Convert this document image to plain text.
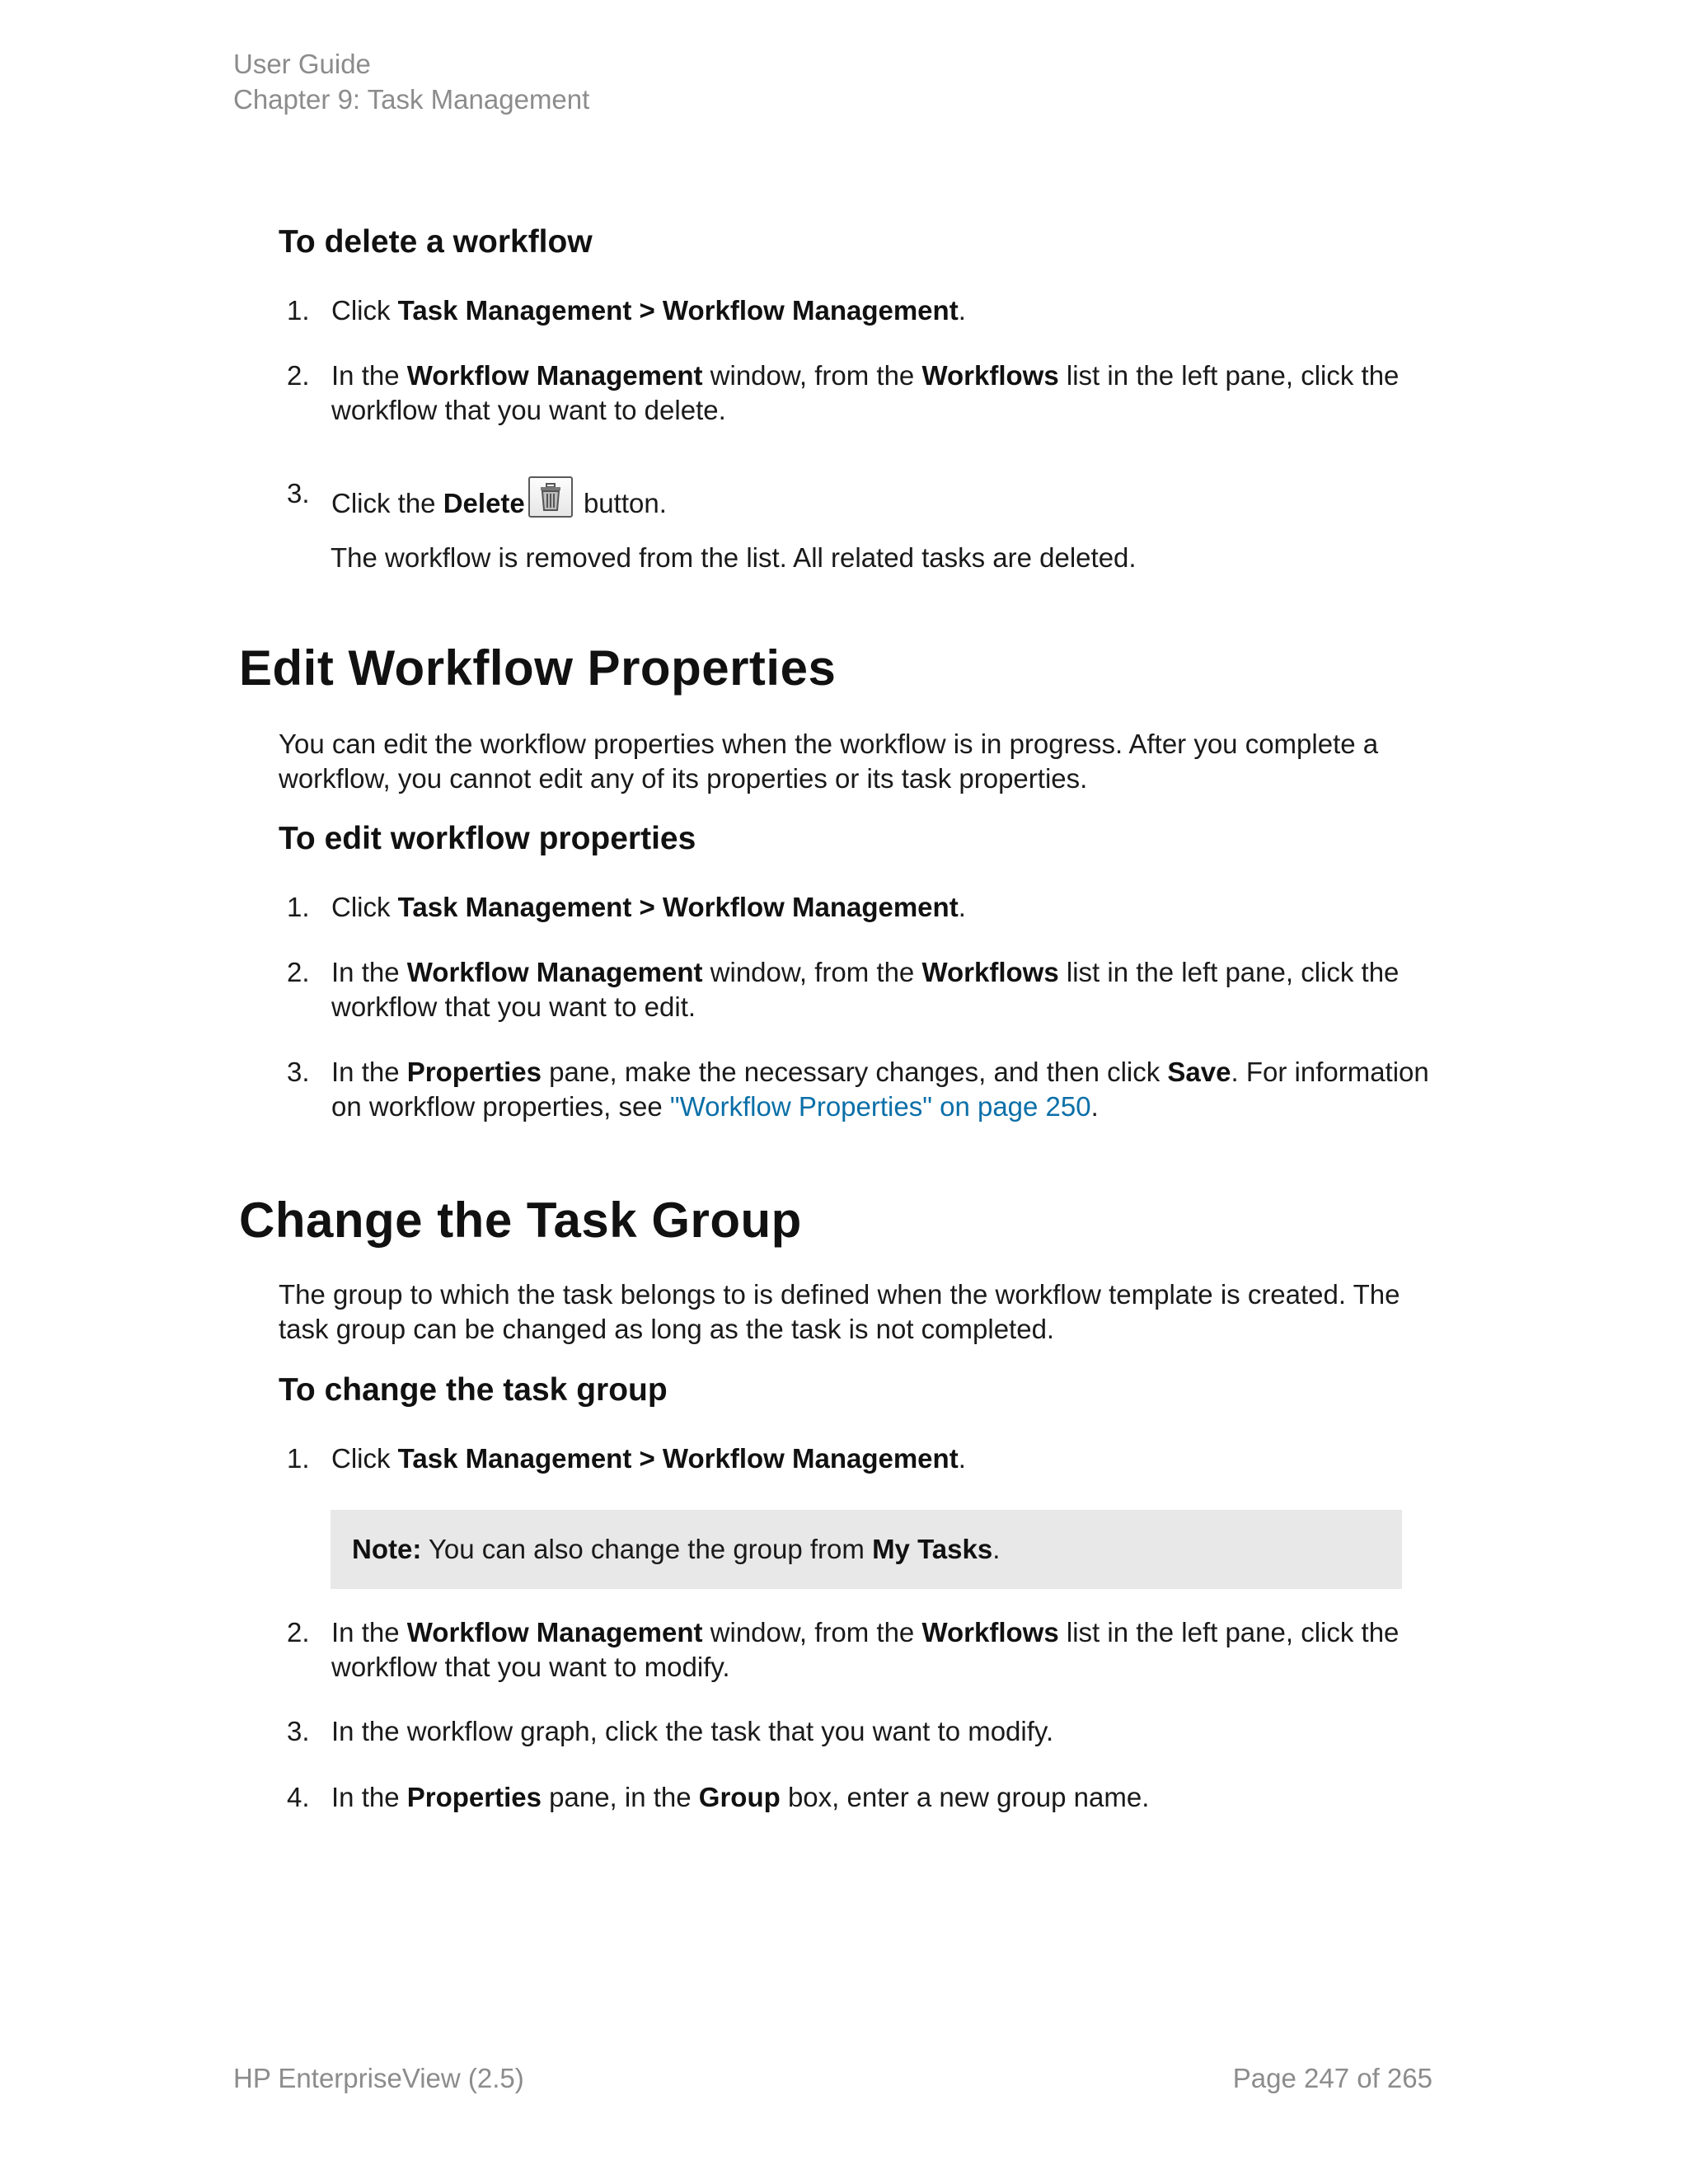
User Guide
Chapter 9: Task Management
To delete a workflow
1. Click Task Management > Workflow Management.
2. In the Workflow Management window, from the Workflows list in the left pane, click the workflow that you want to delete.
3. Click the Delete
button.
The workflow is removed from the list. All related tasks are deleted.
Edit Workflow Properties
You can edit the workflow properties when the workflow is in progress. After you complete a workflow, you cannot edit any of its properties or its task properties.
To edit workflow properties
1. Click Task Management > Workflow Management.
2. In the Workflow Management window, from the Workflows list in the left pane, click the workflow that you want to edit.
3. In the Properties pane, make the necessary changes, and then click Save. For information on workflow properties, see "Workflow Properties" on page 250.
Change the Task Group
The group to which the task belongs to is defined when the workflow template is created. The task group can be changed as long as the task is not completed.
To change the task group
1. Click Task Management > Workflow Management.
Note: You can also change the group from My Tasks.
2. In the Workflow Management window, from the Workflows list in the left pane, click the workflow that you want to modify.
3. In the workflow graph, click the task that you want to modify.
4. In the Properties pane, in the Group box, enter a new group name.
HP EnterpriseView (2.5)	Page 247 of 265
